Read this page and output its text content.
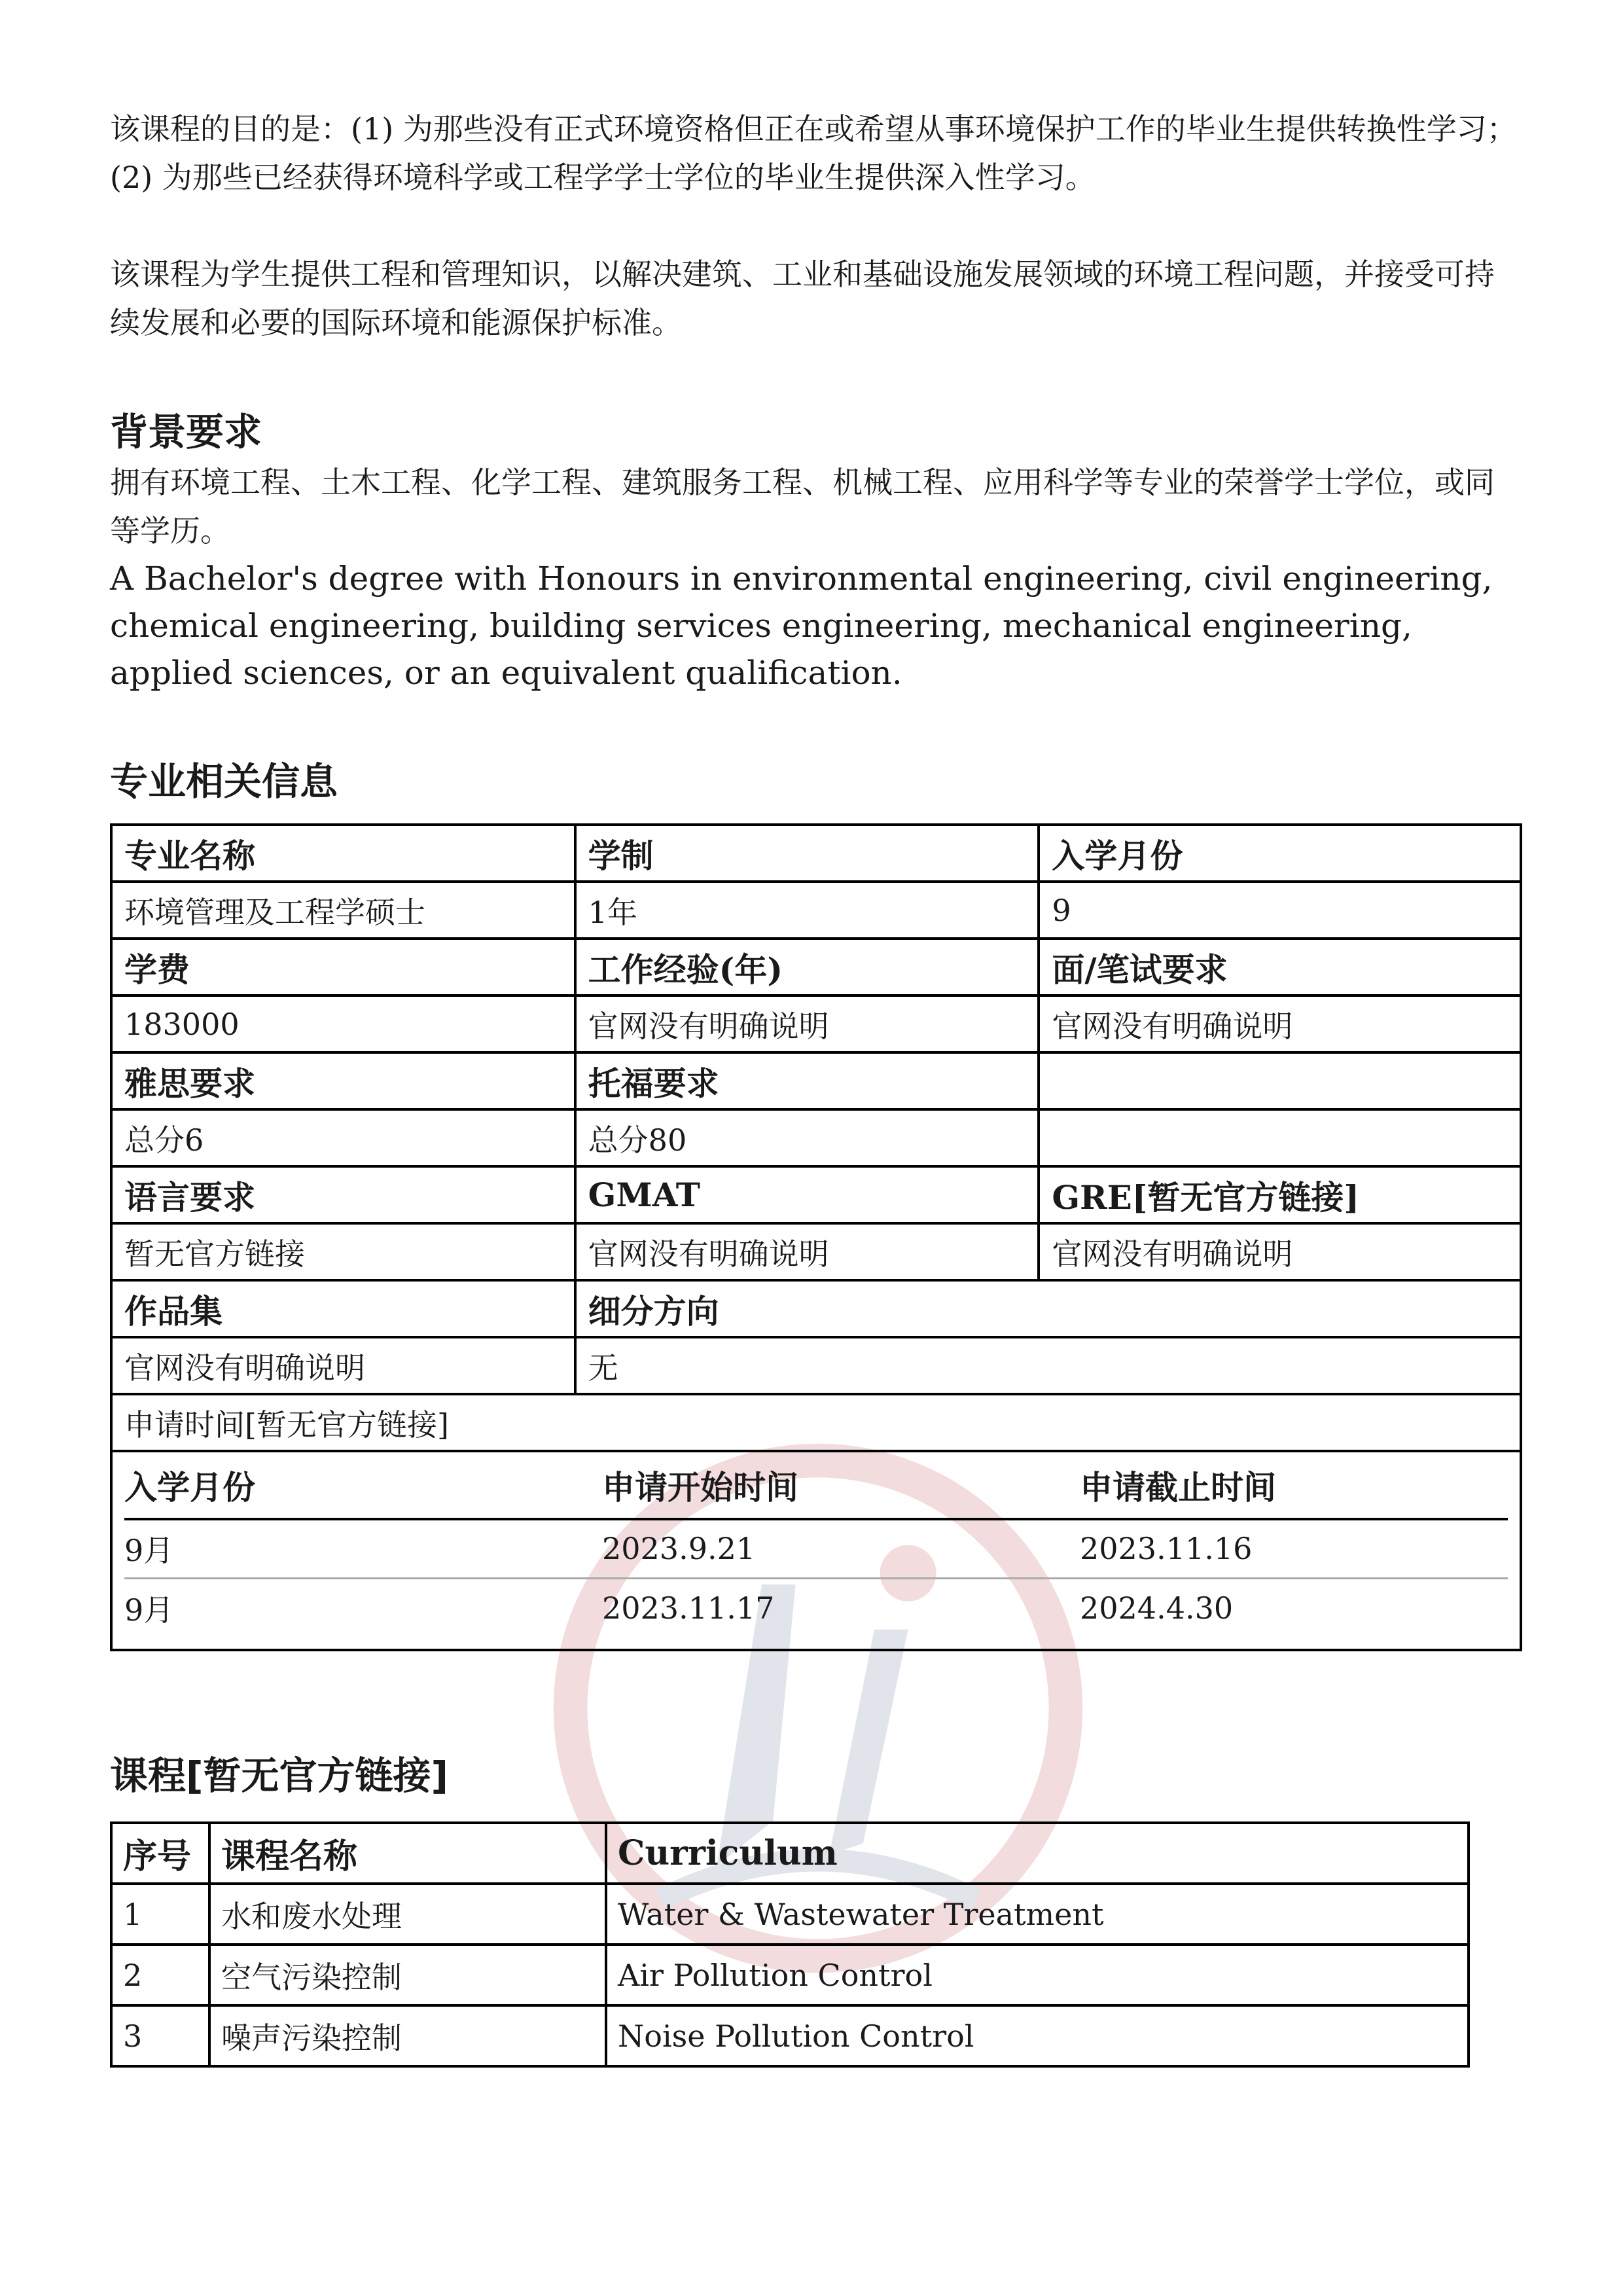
该课程的目的是：(1) 为那些没有正式环境资格但正在或希望从事环境保护工作的毕业生提供转换性学习；(2) 为那些已经获得环境科学或工程学学士学位的毕业生提供深入性学习。

该课程为学生提供工程和管理知识，以解决建筑、工业和基础设施发展领域的环境工程问题，并接受可持续发展和必要的国际环境和能源保护标准。

背景要求

拥有环境工程、土木工程、化学工程、建筑服务工程、机械工程、应用科学等专业的荣誉学士学位，或同等学历。

A Bachelor's degree with Honours in environmental engineering, civil engineering, chemical engineering, building services engineering, mechanical engineering, applied sciences, or an equivalent qualification.

专业相关信息
专业名称	学制	入学月份
环境管理及工程学硕士	1年	9
学费	工作经验(年)	面/笔试要求
183000	官网没有明确说明	官网没有明确说明
雅思要求	托福要求	
总分6	总分80	
语言要求	GMAT	GRE[暂无官方链接]
暂无官方链接	官网没有明确说明	官网没有明确说明
作品集	细分方向
官网没有明确说明	无
申请时间[暂无官方链接]

入学月份	申请开始时间	申请截止时间
9月	2023.9.21	2023.11.16
9月	2023.11.17	2024.4.30
课程[暂无官方链接]
序号	课程名称	Curriculum
1	水和废水处理	Water & Wastewater Treatment
2	空气污染控制	Air Pollution Control
3	噪声污染控制	Noise Pollution Control
